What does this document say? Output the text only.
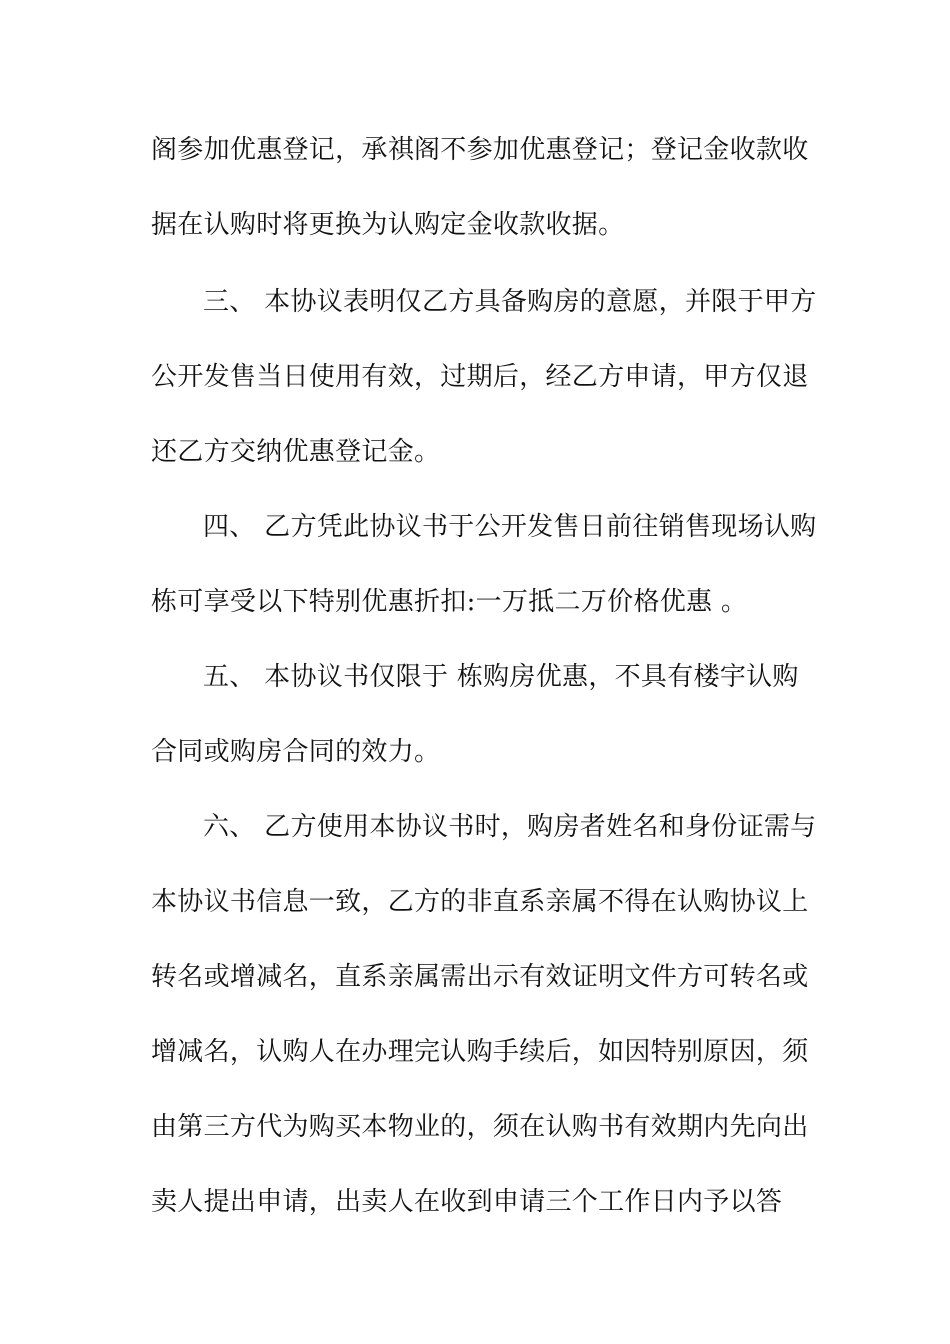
阁参加优惠登记，承祺阁不参加优惠登记；登记金收款收
据在认购时将更换为认购定金收款收据。
三、 本协议表明仅乙方具备购房的意愿，并限于甲方
公开发售当日使用有效，过期后，经乙方申请，甲方仅退
还乙方交纳优惠登记金。
四、 乙方凭此协议书于公开发售日前往销售现场认购
栋可享受以下特别优惠折扣:一万抵二万价格优惠 。
五、 本协议书仅限于 栋购房优惠，不具有楼宇认购
合同或购房合同的效力。
六、 乙方使用本协议书时，购房者姓名和身份证需与
本协议书信息一致，乙方的非直系亲属不得在认购协议上
转名或增减名，直系亲属需出示有效证明文件方可转名或
增减名，认购人在办理完认购手续后，如因特别原因，须
由第三方代为购买本物业的，须在认购书有效期内先向出
卖人提出申请，出卖人在收到申请三个工作日内予以答
